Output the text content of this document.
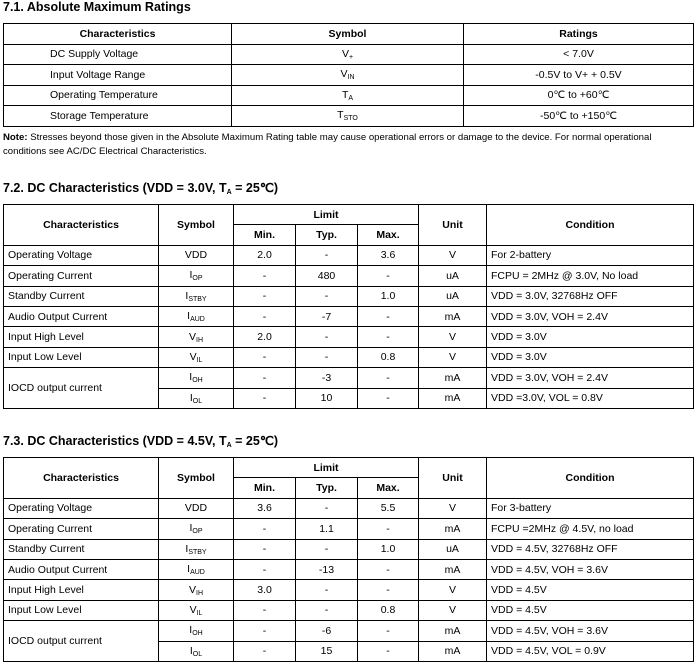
7.1. Absolute Maximum Ratings
Characteristics	Symbol	Ratings
DC Supply Voltage	$V_+$	< 7.0V
Input Voltage Range	$V_{IN}$	-0.5V to V+ + 0.5V
Operating Temperature	$T_A$	0℃ to +60℃
Storage Temperature	$T_{STO}$	-50℃ to +150℃
Note: Stresses beyond those given in the Absolute Maximum Rating table may cause operational errors or damage to the device. For normal operational conditions see AC/DC Electrical Characteristics.
7.2. DC Characteristics (VDD = 3.0V, $T_A$ = 25℃)
Characteristics	Symbol	Limit			Unit	Condition
		Min.	Typ.	Max.		
Operating Voltage	VDD	2.0	-	3.6	V	For 2-battery
Operating Current	$I_{OP}$	-	480	-	uA	FCPU = 2MHz @ 3.0V, No load
Standby Current	$I_{STBY}$	-	-	1.0	uA	VDD = 3.0V, 32768Hz OFF
Audio Output Current	$I_{AUD}$	-	-7	-	mA	VDD = 3.0V, VOH = 2.4V
Input High Level	$V_{IH}$	2.0	-	-	V	VDD = 3.0V
Input Low Level	$V_{IL}$	-	-	0.8	V	VDD = 3.0V
IOCD output current	$I_{OH}$	-	-3	-	mA	VDD = 3.0V, VOH = 2.4V
	$I_{OL}$	-	10	-	mA	VDD =3.0V, VOL = 0.8V
7.3. DC Characteristics (VDD = 4.5V, $T_A$ = 25℃)
Characteristics	Symbol	Limit			Unit	Condition
		Min.	Typ.	Max.		
Operating Voltage	VDD	3.6	-	5.5	V	For 3-battery
Operating Current	$I_{OP}$	-	1.1	-	mA	FCPU =2MHz @ 4.5V, no load
Standby Current	$I_{STBY}$	-	-	1.0	uA	VDD = 4.5V, 32768Hz OFF
Audio Output Current	$I_{AUD}$	-	-13	-	mA	VDD = 4.5V, VOH = 3.6V
Input High Level	$V_{IH}$	3.0	-	-	V	VDD = 4.5V
Input Low Level	$V_{IL}$	-	-	0.8	V	VDD = 4.5V
IOCD output current	$I_{OH}$	-	-6	-	mA	VDD = 4.5V, VOH = 3.6V
	$I_{OL}$	-	15	-	mA	VDD = 4.5V, VOL = 0.9V
